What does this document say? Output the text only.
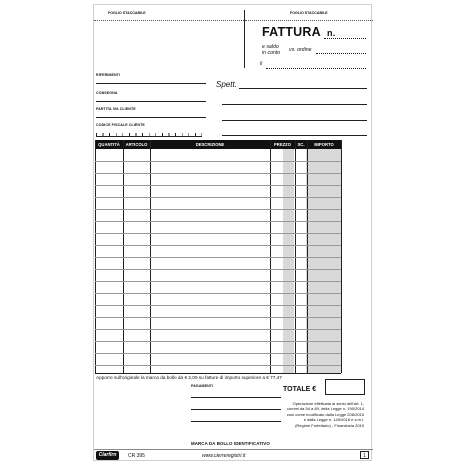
FOGLIO STACCABILE	FOGLIO STACCABILE
FATTURA n.
e saldo
in conto vs. ordine
li
RIFERIMENTI
Spett.
CONSEGNA
PARTITA IVA CLIENTE
CODICE FISCALE CLIENTE
QUANTITÀ	ARTICOLO	DESCRIZIONE	PREZZO	SC.	IMPORTO
Apporre sull'originale la marca da bollo da € 2,00 su fatture di importo superiore a € 77,47
PAGAMENTI	TOTALE €
Operazione effettuata ai sensi dell'art. 1,
commi da 54 a 89, della Legge n. 190/2014
così come modificato dalla Legge 208/2015
e dalla Legge n. 145/2018 e s.m.i.
(Regime Forfettario) - Finanziaria 2019
MARCA DA BOLLO IDENTIFICATIVO
Clarfirn	CR 395	www.cierreregistri.it	1
